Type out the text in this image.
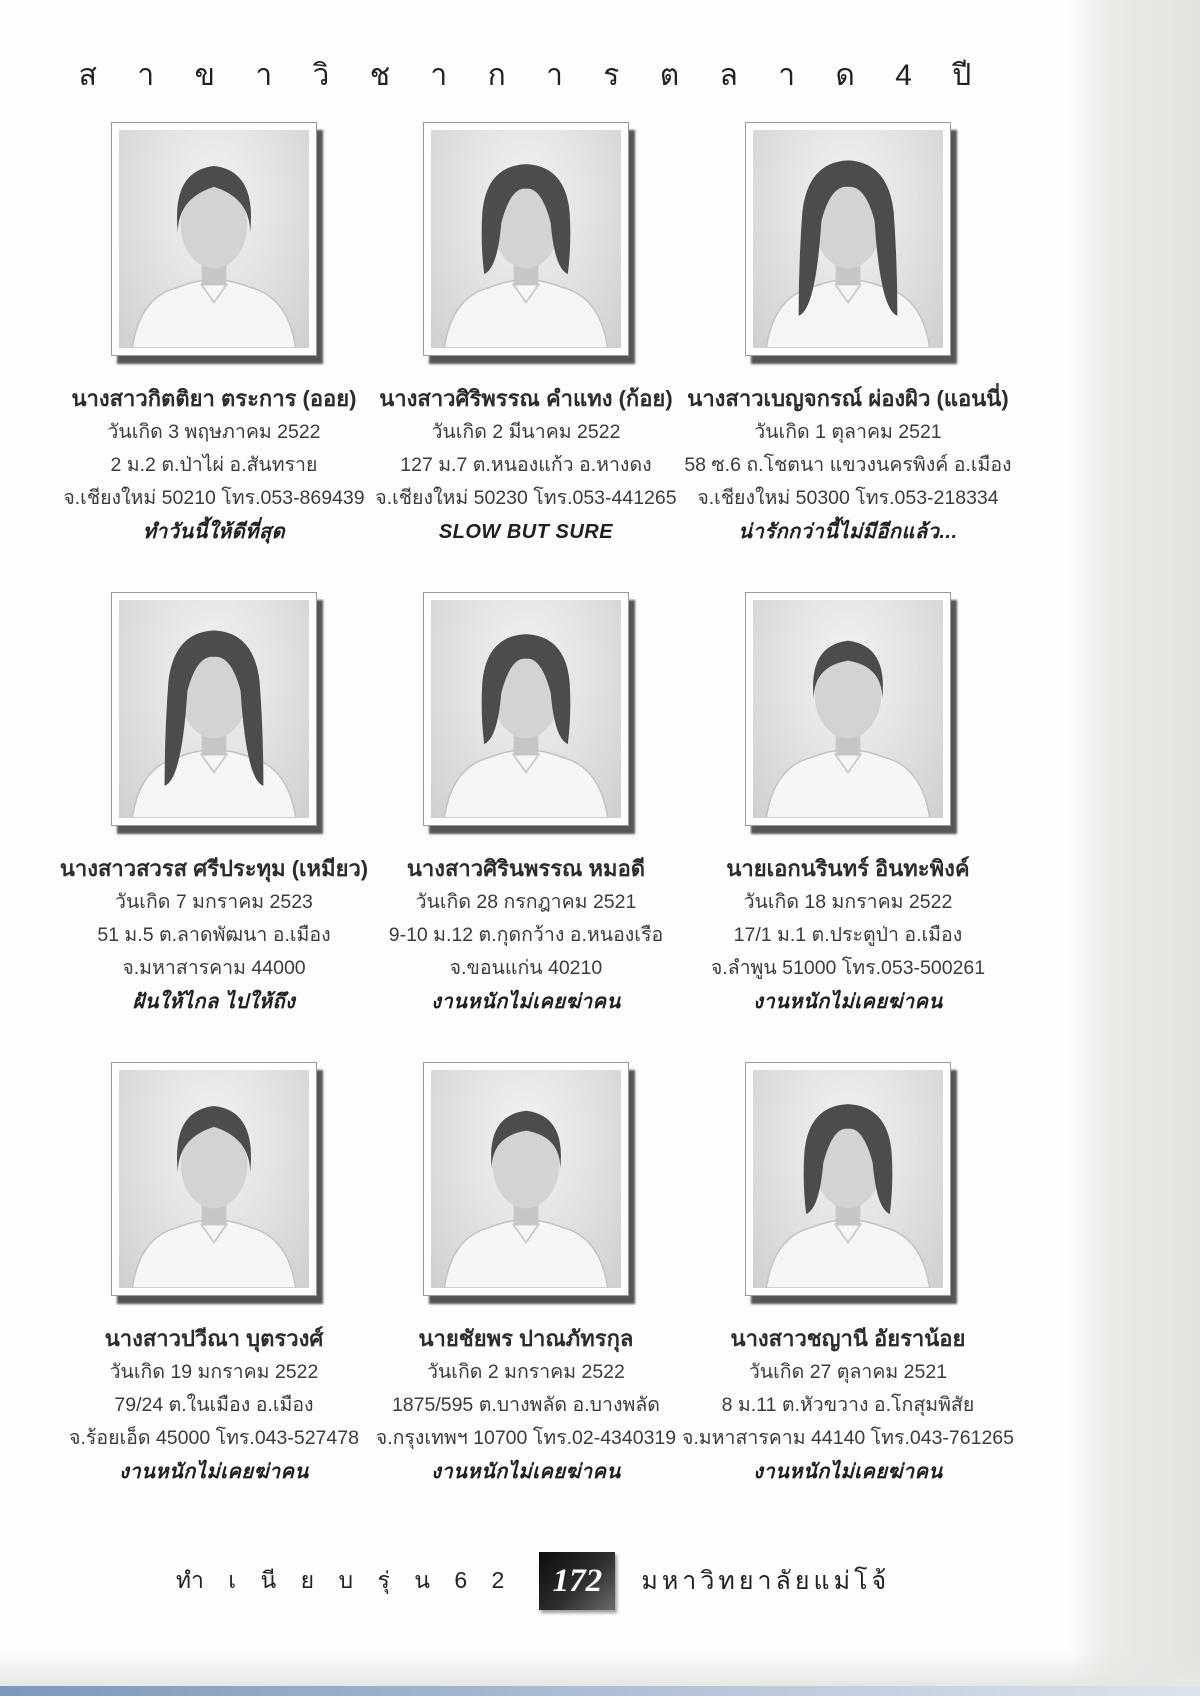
ส า ข า วิ ช า ก า ร ต ล า ด 4 ปี
นางสาวกิตติยา ตระการ (ออย)
วันเกิด 3 พฤษภาคม 2522
2 ม.2 ต.ป่าไผ่ อ.สันทราย
จ.เชียงใหม่ 50210 โทร.053-869439
ทำวันนี้ให้ดีที่สุด
นางสาวศิริพรรณ คำแทง (ก้อย)
วันเกิด 2 มีนาคม 2522
127 ม.7 ต.หนองแก้ว อ.หางดง
จ.เชียงใหม่ 50230 โทร.053-441265
SLOW BUT SURE
นางสาวเบญจกรณ์ ผ่องผิว (แอนนี่)
วันเกิด 1 ตุลาคม 2521
58 ซ.6 ถ.โชตนา แขวงนครพิงค์ อ.เมือง
จ.เชียงใหม่ 50300 โทร.053-218334
น่ารักกว่านี้ไม่มีอีกแล้ว...
นางสาวสวรส ศรีประทุม (เหมียว)
วันเกิด 7 มกราคม 2523
51 ม.5 ต.ลาดพัฒนา อ.เมือง
จ.มหาสารคาม 44000
ฝันให้ไกล ไปให้ถึง
นางสาวศิรินพรรณ หมอดี
วันเกิด 28 กรกฎาคม 2521
9-10 ม.12 ต.กุดกว้าง อ.หนองเรือ
จ.ขอนแก่น 40210
งานหนักไม่เคยฆ่าคน
นายเอกนรินทร์ อินทะพิงค์
วันเกิด 18 มกราคม 2522
17/1 ม.1 ต.ประตูป่า อ.เมือง
จ.ลำพูน 51000 โทร.053-500261
งานหนักไม่เคยฆ่าคน
นางสาวปวีณา บุตรวงศ์
วันเกิด 19 มกราคม 2522
79/24 ต.ในเมือง อ.เมือง
จ.ร้อยเอ็ด 45000 โทร.043-527478
งานหนักไม่เคยฆ่าคน
นายชัยพร ปาณภัทรกุล
วันเกิด 2 มกราคม 2522
1875/595 ต.บางพลัด อ.บางพลัด
จ.กรุงเทพฯ 10700 โทร.02-4340319
งานหนักไม่เคยฆ่าคน
นางสาวชญานี อัยราน้อย
วันเกิด 27 ตุลาคม 2521
8 ม.11 ต.หัวขวาง อ.โกสุมพิสัย
จ.มหาสารคาม 44140 โทร.043-761265
งานหนักไม่เคยฆ่าคน
ทำ เ นี ย บ รุ่ น 6 2 172 มหาวิทยาลัยแม่โจ้
